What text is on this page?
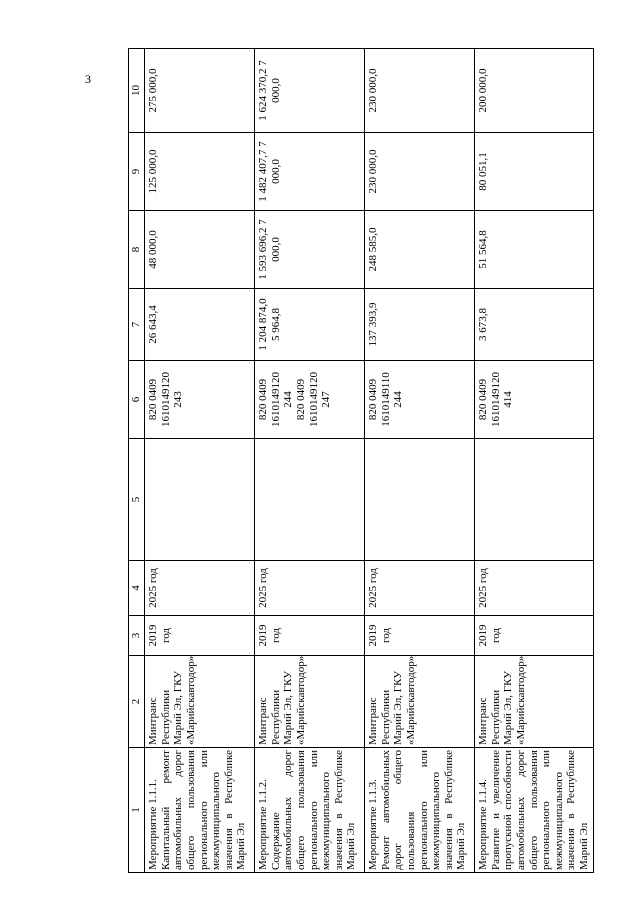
3
1	2	3	4	5	6	7	8	9	10

Мероприятие 1.1.1. Капитальный ремонт автомобильных дорог общего пользования регионального или межмуниципального значения в Республике Марий Эл	Минтранс Республики Марий Эл, ГКУ «Марийскавтодор»	2019 год	2025 год		820 0409 1610149120 243	26 643,4	48 000,0	125 000,0	275 000,0

Мероприятие 1.1.2. Содержание автомобильных дорог общего пользования регионального или межмуниципального значения в Республике Марий Эл	Минтранс Республики Марий Эл, ГКУ «Марийскавтодор»	2019 год	2025 год		820 0409 1610149120 244 820 0409 1610149120 247	1 204 874,0 5 964,8	1 593 696,2 7 000,0	1 482 407,7 7 000,0	1 624 370,2 7 000,0

Мероприятие 1.1.3. Ремонт автомобильных дорог общего пользования регионального или межмуниципального значения в Республике Марий Эл	Минтранс Республики Марий Эл, ГКУ «Марийскавтодор»	2019 год	2025 год		820 0409 1610149110 244	137 393,9	248 585,0	230 000,0	230 000,0

Мероприятие 1.1.4. Развитие и увеличение пропускной способности автомобильных дорог общего пользования регионального или межмуниципального значения в Республике Марий Эл	Минтранс Республики Марий Эл, ГКУ «Марийскавтодор»	2019 год	2025 год		820 0409 1610149120 414	3 673,8	51 564,8	80 051,1	200 000,0
